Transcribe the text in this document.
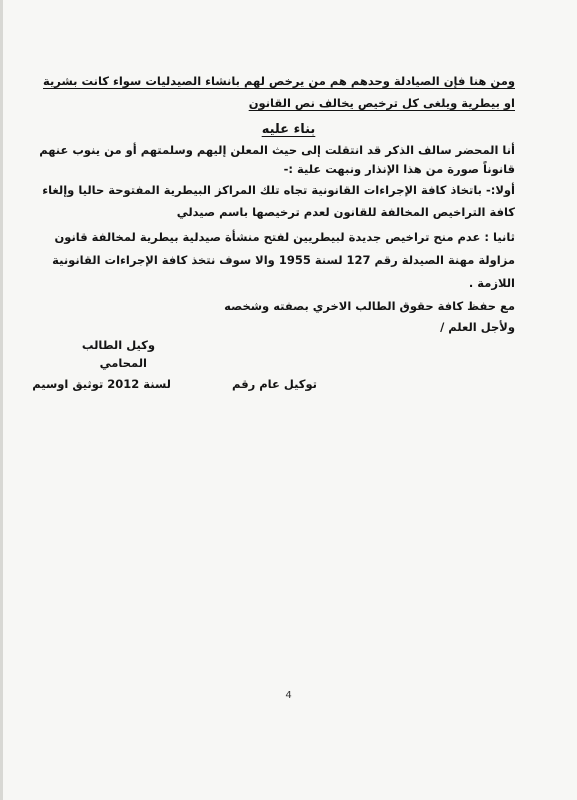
ومن هنا فإن الصيادلة وحدهم هم من يرخص لهم بانشاء الصيدليات سواء كانت بشرية
او بيطرية ويلغى كل ترخيص يخالف نص القانون
بناء عليه
أنا المحضر سالف الذكر قد انتقلت إلى حيث المعلن إليهم وسلمتهم أو من ينوب عنهم
قانوناً صورة من هذا الإنذار ونبهت علية :-
أولا:- باتخاذ كافة الإجراءات القانونية تجاه تلك المراكز البيطرية المفتوحة حاليا وإلغاء
كافة التراخيص المخالفة للقانون لعدم ترخيصها باسم صيدلي
ثانيا : عدم منح تراخيص جديدة لبيطريين لفتح منشأة صيدلية بيطرية لمخالفة قانون
مزاولة مهنة الصيدلة رقم 127 لسنة 1955 والا سوف نتخذ كافة الإجراءات القانونية
اللازمة .
مع حفظ كافة حقوق الطالب الاخري بصفته وشخصه
ولأجل العلم /
وكيل الطالب
المحامي
توكيل عام رقم
لسنة 2012 توثيق اوسيم
4
